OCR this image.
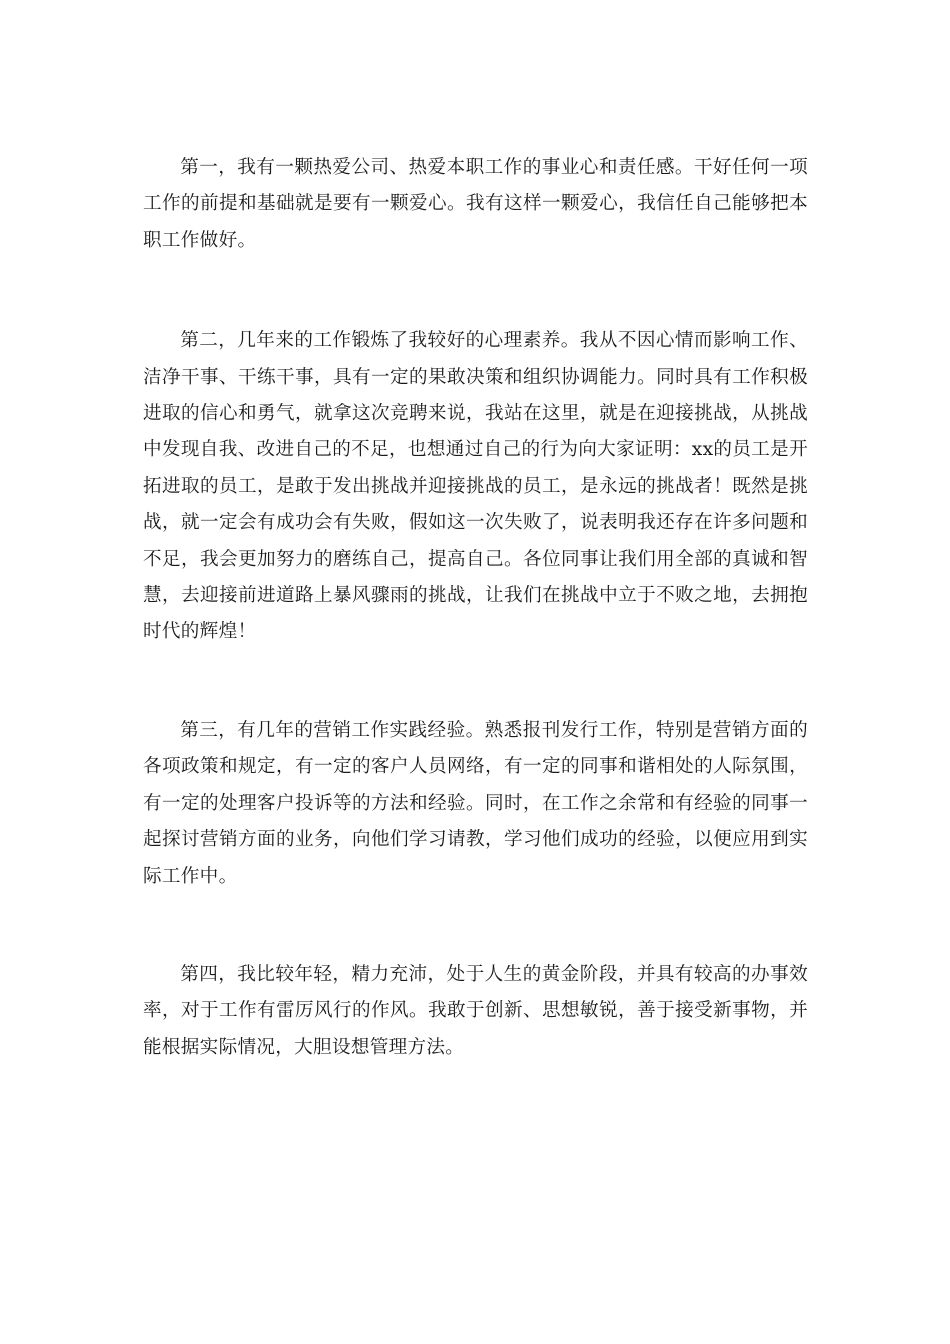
第一，我有一颗热爱公司、热爱本职工作的事业心和责任感。干好任何一项工作的前提和基础就是要有一颗爱心。我有这样一颗爱心，我信任自己能够把本职工作做好。

第二，几年来的工作锻炼了我较好的心理素养。我从不因心情而影响工作、洁净干事、干练干事，具有一定的果敢决策和组织协调能力。同时具有工作积极进取的信心和勇气，就拿这次竞聘来说，我站在这里，就是在迎接挑战，从挑战中发现自我、改进自己的不足，也想通过自己的行为向大家证明：xx的员工是开拓进取的员工，是敢于发出挑战并迎接挑战的员工，是永远的挑战者！既然是挑战，就一定会有成功会有失败，假如这一次失败了，说表明我还存在许多问题和不足，我会更加努力的磨练自己，提高自己。各位同事让我们用全部的真诚和智慧，去迎接前进道路上暴风骤雨的挑战，让我们在挑战中立于不败之地，去拥抱时代的辉煌！

第三，有几年的营销工作实践经验。熟悉报刊发行工作，特别是营销方面的各项政策和规定，有一定的客户人员网络，有一定的同事和谐相处的人际氛围，有一定的处理客户投诉等的方法和经验。同时，在工作之余常和有经验的同事一起探讨营销方面的业务，向他们学习请教，学习他们成功的经验，以便应用到实际工作中。

第四，我比较年轻，精力充沛，处于人生的黄金阶段，并具有较高的办事效率，对于工作有雷厉风行的作风。我敢于创新、思想敏锐，善于接受新事物，并能根据实际情况，大胆设想管理方法。
